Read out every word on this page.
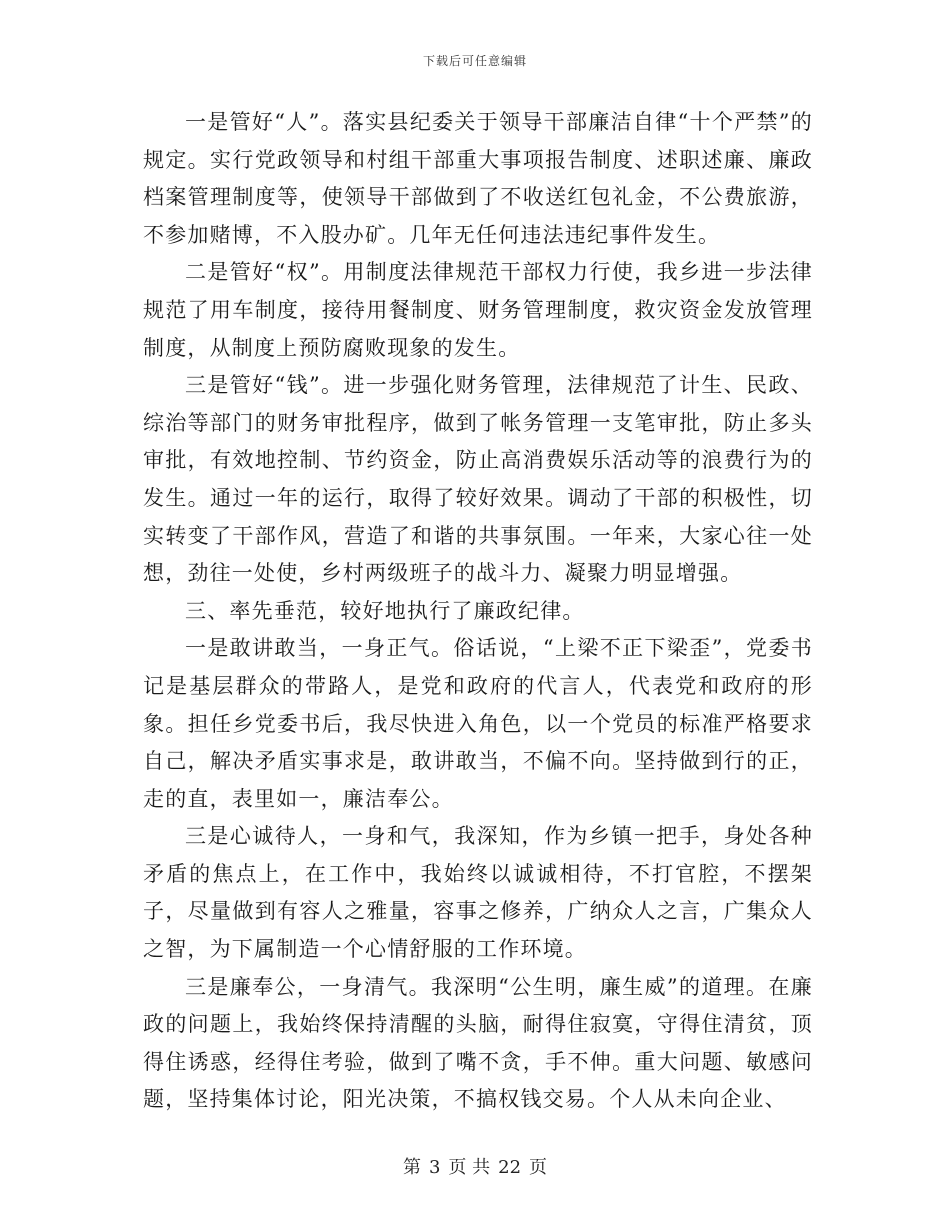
下载后可任意编辑

一是管好“人”。落实县纪委关于领导干部廉洁自律“十个严禁”的规定。实行党政领导和村组干部重大事项报告制度、述职述廉、廉政档案管理制度等，使领导干部做到了不收送红包礼金，不公费旅游，不参加赌博，不入股办矿。几年无任何违法违纪事件发生。

二是管好“权”。用制度法律规范干部权力行使，我乡进一步法律规范了用车制度，接待用餐制度、财务管理制度，救灾资金发放管理制度，从制度上预防腐败现象的发生。

三是管好“钱”。进一步强化财务管理，法律规范了计生、民政、综治等部门的财务审批程序，做到了帐务管理一支笔审批，防止多头审批，有效地控制、节约资金，防止高消费娱乐活动等的浪费行为的发生。通过一年的运行，取得了较好效果。调动了干部的积极性，切实转变了干部作风，营造了和谐的共事氛围。一年来，大家心往一处想，劲往一处使，乡村两级班子的战斗力、凝聚力明显增强。

三、率先垂范，较好地执行了廉政纪律。

一是敢讲敢当，一身正气。俗话说，“上梁不正下梁歪”，党委书记是基层群众的带路人，是党和政府的代言人，代表党和政府的形象。担任乡党委书后，我尽快进入角色，以一个党员的标准严格要求自己，解决矛盾实事求是，敢讲敢当，不偏不向。坚持做到行的正，走的直，表里如一，廉洁奉公。

三是心诚待人，一身和气，我深知，作为乡镇一把手，身处各种矛盾的焦点上，在工作中，我始终以诚诚相待，不打官腔，不摆架子，尽量做到有容人之雅量，容事之修养，广纳众人之言，广集众人之智，为下属制造一个心情舒服的工作环境。

三是廉奉公，一身清气。我深明“公生明，廉生威”的道理。在廉政的问题上，我始终保持清醒的头脑，耐得住寂寞，守得住清贫，顶得住诱惑，经得住考验，做到了嘴不贪，手不伸。重大问题、敏感问题，坚持集体讨论，阳光决策，不搞权钱交易。个人从未向企业、

第 3 页 共 22 页
